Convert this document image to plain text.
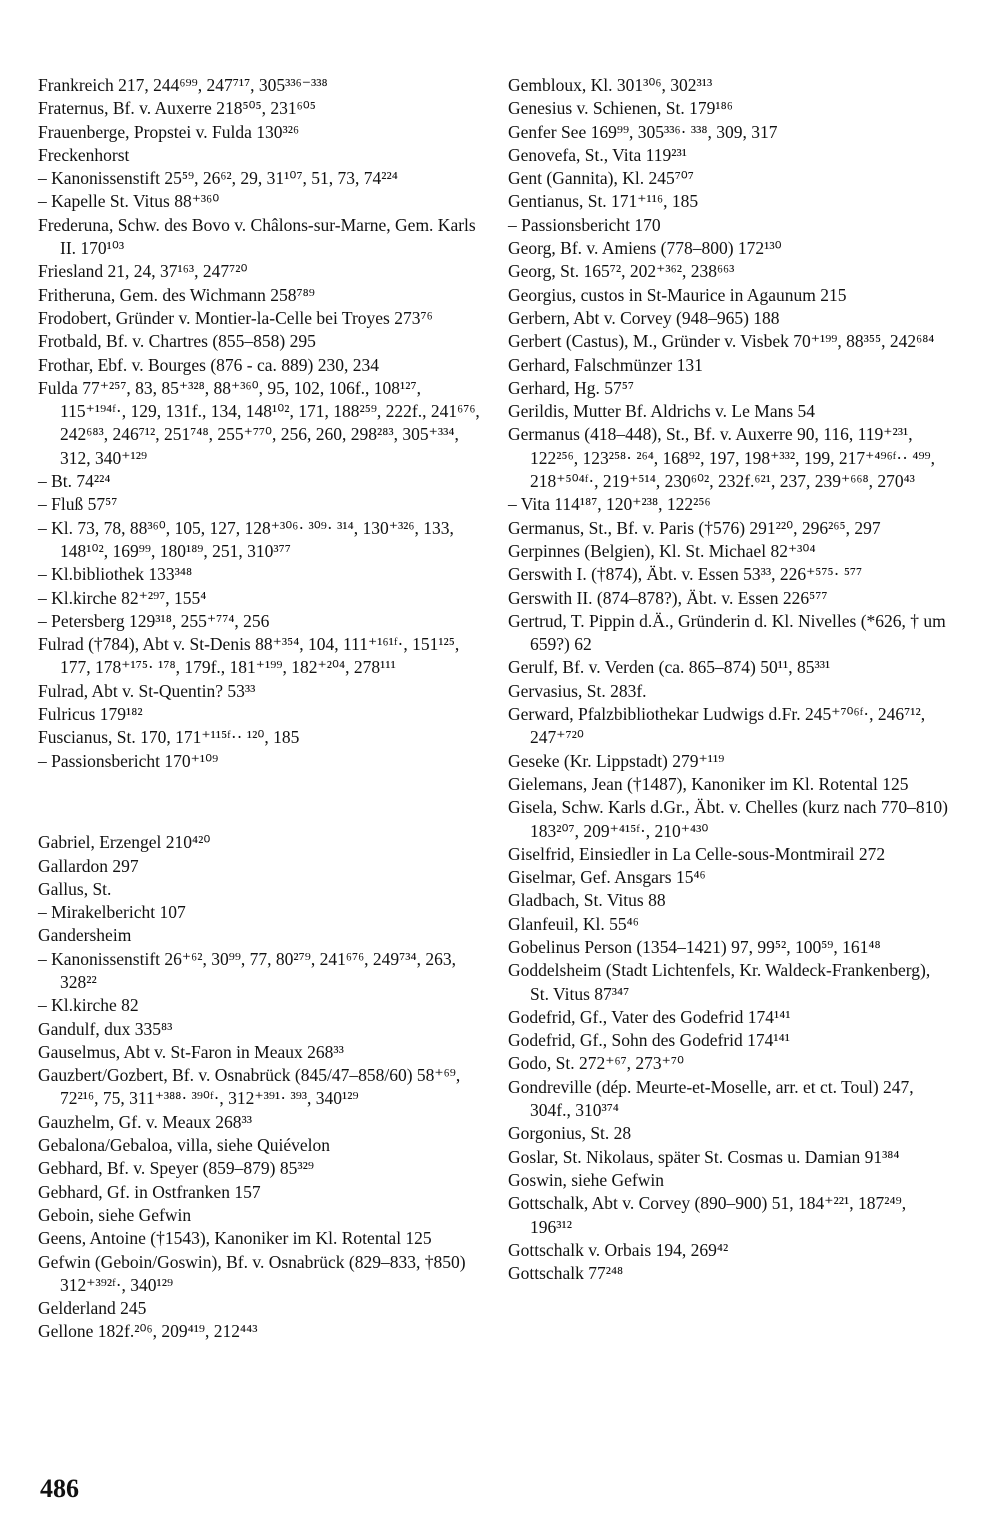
Frankreich 217, 244⁶⁹⁹, 247⁷¹⁷, 305³³⁶⁻³³⁸

Fraternus, Bf. v. Auxerre 218⁵⁰⁵, 231⁶⁰⁵

Frauenberge, Propstei v. Fulda 130³²⁶

Freckenhorst

– Kanonissenstift 25⁵⁹, 26⁶², 29, 31¹⁰⁷, 51, 73, 74²²⁴

– Kapelle St. Vitus 88⁺³⁶⁰

Frederuna, Schw. des Bovo v. Châlons-sur-Marne, Gem. Karls II. 170¹⁰³

Friesland 21, 24, 37¹⁶³, 247⁷²⁰

Fritheruna, Gem. des Wichmann 258⁷⁸⁹

Frodobert, Gründer v. Montier-la-Celle bei Troyes 273⁷⁶

Frotbald, Bf. v. Chartres (855–858) 295

Frothar, Ebf. v. Bourges (876 - ca. 889) 230, 234

Fulda 77⁺²⁵⁷, 83, 85⁺³²⁸, 88⁺³⁶⁰, 95, 102, 106f., 108¹²⁷, 115⁺¹⁹⁴ᶠ·, 129, 131f., 134, 148¹⁰², 171, 188²⁵⁹, 222f., 241⁶⁷⁶, 242⁶⁸³, 246⁷¹², 251⁷⁴⁸, 255⁺⁷⁷⁰, 256, 260, 298²⁸³, 305⁺³³⁴, 312, 340⁺¹²⁹

– Bt. 74²²⁴

– Fluß 57⁵⁷

– Kl. 73, 78, 88³⁶⁰, 105, 127, 128⁺³⁰⁶· ³⁰⁹· ³¹⁴, 130⁺³²⁶, 133, 148¹⁰², 169⁹⁹, 180¹⁸⁹, 251, 310³⁷⁷

– Kl.bibliothek 133³⁴⁸

– Kl.kirche 82⁺²⁹⁷, 155⁴

– Petersberg 129³¹⁸, 255⁺⁷⁷⁴, 256

Fulrad (†784), Abt v. St-Denis 88⁺³⁵⁴, 104, 111⁺¹⁶¹ᶠ·, 151¹²⁵, 177, 178⁺¹⁷⁵· ¹⁷⁸, 179f., 181⁺¹⁹⁹, 182⁺²⁰⁴, 278¹¹¹

Fulrad, Abt v. St-Quentin? 53³³

Fulricus 179¹⁸²

Fuscianus, St. 170, 171⁺¹¹⁵ᶠ·· ¹²⁰, 185

– Passionsbericht 170⁺¹⁰⁹

Gabriel, Erzengel 210⁴²⁰

Gallardon 297

Gallus, St.

– Mirakelbericht 107

Gandersheim

– Kanonissenstift 26⁺⁶², 30⁹⁹, 77, 80²⁷⁹, 241⁶⁷⁶, 249⁷³⁴, 263, 328²²

– Kl.kirche 82

Gandulf, dux 335⁸³

Gauselmus, Abt v. St-Faron in Meaux 268³³

Gauzbert/Gozbert, Bf. v. Osnabrück (845/47–858/60) 58⁺⁶⁹, 72²¹⁶, 75, 311⁺³⁸⁸· ³⁹⁰ᶠ·, 312⁺³⁹¹· ³⁹³, 340¹²⁹

Gauzhelm, Gf. v. Meaux 268³³

Gebalona/Gebaloa, villa, siehe Quiévelon

Gebhard, Bf. v. Speyer (859–879) 85³²⁹

Gebhard, Gf. in Ostfranken 157

Geboin, siehe Gefwin

Geens, Antoine (†1543), Kanoniker im Kl. Rotental 125

Gefwin (Geboin/Goswin), Bf. v. Osnabrück (829–833, †850) 312⁺³⁹²ᶠ·, 340¹²⁹

Gelderland 245

Gellone 182f.²⁰⁶, 209⁴¹⁹, 212⁴⁴³

Gembloux, Kl. 301³⁰⁶, 302³¹³

Genesius v. Schienen, St. 179¹⁸⁶

Genfer See 169⁹⁹, 305³³⁶· ³³⁸, 309, 317

Genovefa, St., Vita 119²³¹

Gent (Gannita), Kl. 245⁷⁰⁷

Gentianus, St. 171⁺¹¹⁶, 185

– Passionsbericht 170

Georg, Bf. v. Amiens (778–800) 172¹³⁰

Georg, St. 165⁷², 202⁺³⁶², 238⁶⁶³

Georgius, custos in St-Maurice in Agaunum 215

Gerbern, Abt v. Corvey (948–965) 188

Gerbert (Castus), M., Gründer v. Visbek 70⁺¹⁹⁹, 88³⁵⁵, 242⁶⁸⁴

Gerhard, Falschmünzer 131

Gerhard, Hg. 57⁵⁷

Gerildis, Mutter Bf. Aldrichs v. Le Mans 54

Germanus (418–448), St., Bf. v. Auxerre 90, 116, 119⁺²³¹, 122²⁵⁶, 123²⁵⁸· ²⁶⁴, 168⁹², 197, 198⁺³³², 199, 217⁺⁴⁹⁶ᶠ·· ⁴⁹⁹, 218⁺⁵⁰⁴ᶠ·, 219⁺⁵¹⁴, 230⁶⁰², 232f.⁶²¹, 237, 239⁺⁶⁶⁸, 270⁴³

– Vita 114¹⁸⁷, 120⁺²³⁸, 122²⁵⁶

Germanus, St., Bf. v. Paris (†576) 291²²⁰, 296²⁶⁵, 297

Gerpinnes (Belgien), Kl. St. Michael 82⁺³⁰⁴

Gerswith I. (†874), Äbt. v. Essen 53³³, 226⁺⁵⁷⁵· ⁵⁷⁷

Gerswith II. (874–878?), Äbt. v. Essen 226⁵⁷⁷

Gertrud, T. Pippin d.Ä., Gründerin d. Kl. Nivelles (*626, † um 659?) 62

Gerulf, Bf. v. Verden (ca. 865–874) 50¹¹, 85³³¹

Gervasius, St. 283f.

Gerward, Pfalzbibliothekar Ludwigs d.Fr. 245⁺⁷⁰⁶ᶠ·, 246⁷¹², 247⁺⁷²⁰

Geseke (Kr. Lippstadt) 279⁺¹¹⁹

Gielemans, Jean (†1487), Kanoniker im Kl. Rotental 125

Gisela, Schw. Karls d.Gr., Äbt. v. Chelles (kurz nach 770–810) 183²⁰⁷, 209⁺⁴¹⁵ᶠ·, 210⁺⁴³⁰

Giselfrid, Einsiedler in La Celle-sous-Montmirail 272

Giselmar, Gef. Ansgars 15⁴⁶

Gladbach, St. Vitus 88

Glanfeuil, Kl. 55⁴⁶

Gobelinus Person (1354–1421) 97, 99⁵², 100⁵⁹, 161⁴⁸

Goddelsheim (Stadt Lichtenfels, Kr. Waldeck-Frankenberg), St. Vitus 87³⁴⁷

Godefrid, Gf., Vater des Godefrid 174¹⁴¹

Godefrid, Gf., Sohn des Godefrid 174¹⁴¹

Godo, St. 272⁺⁶⁷, 273⁺⁷⁰

Gondreville (dép. Meurte-et-Moselle, arr. et ct. Toul) 247, 304f., 310³⁷⁴

Gorgonius, St. 28

Goslar, St. Nikolaus, später St. Cosmas u. Damian 91³⁸⁴

Goswin, siehe Gefwin

Gottschalk, Abt v. Corvey (890–900) 51, 184⁺²²¹, 187²⁴⁹, 196³¹²

Gottschalk v. Orbais 194, 269⁴²

Gottschalk 77²⁴⁸

486
